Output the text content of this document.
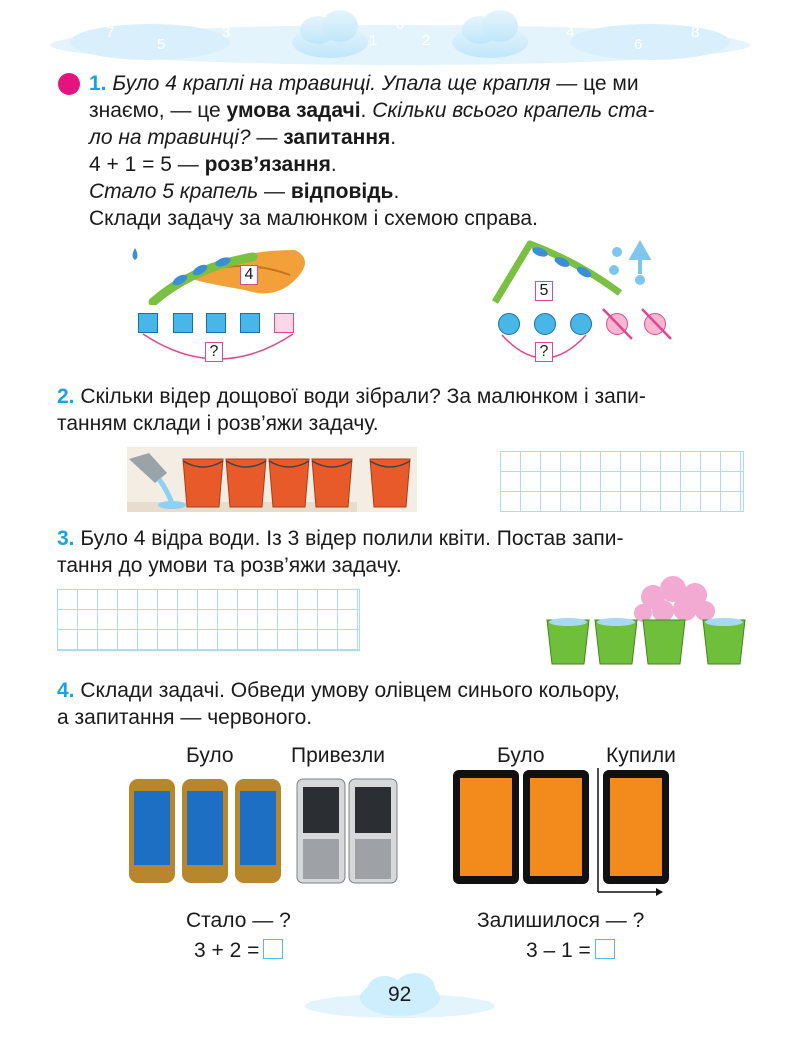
7
5
3	0
1	2	4
6
8
1. Було 4 краплі на травинці. Упала ще крапля — це ми
знаємо, — це умова задачі. Скільки всього крапель ста-
ло на травинці? — запитання.
4 + 1 = 5 — розв’язання.
Стало 5 крапель — відповідь.
Склади задачу за малюнком і схемою справа.
4
?
5
?
2. Скільки відер дощової води зібрали? За малюнком і запи-
танням склади і розв’яжи задачу.
3. Було 4 відра води. Із 3 відер полили квіти. Постав запи-
тання до умови та розв’яжи задачу.
4. Склади задачі. Обведи умову олівцем синього кольору,
а запитання — червоного.
Було	Привезли	Було	Купили
Стало — ?
3 + 2 =
Залишилося — ?
3 – 1 =
92
